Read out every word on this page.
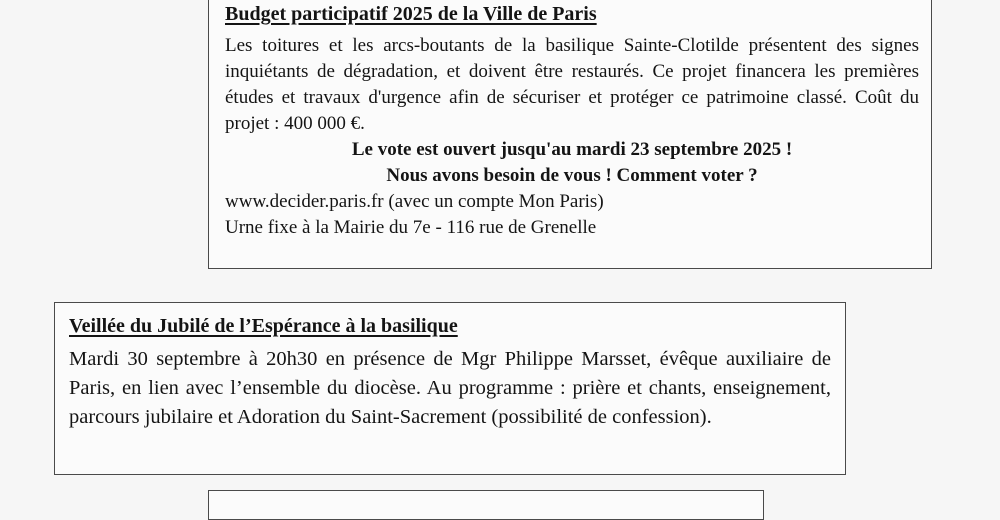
Budget participatif 2025 de la Ville de Paris
Les toitures et les arcs-boutants de la basilique Sainte-Clotilde présentent des signes inquiétants de dégradation, et doivent être restaurés. Ce projet financera les premières études et travaux d'urgence afin de sécuriser et protéger ce patrimoine classé. Coût du projet : 400 000 €.
Le vote est ouvert jusqu'au mardi 23 septembre 2025 !
Nous avons besoin de vous ! Comment voter ?
www.decider.paris.fr (avec un compte Mon Paris)
Urne fixe à la Mairie du 7e - 116 rue de Grenelle
Veillée du Jubilé de l’Espérance à la basilique
Mardi 30 septembre à 20h30 en présence de Mgr Philippe Marsset, évêque auxiliaire de Paris, en lien avec l’ensemble du diocèse. Au programme : prière et chants, enseignement, parcours jubilaire et Adoration du Saint-Sacrement (possibilité de confession).
